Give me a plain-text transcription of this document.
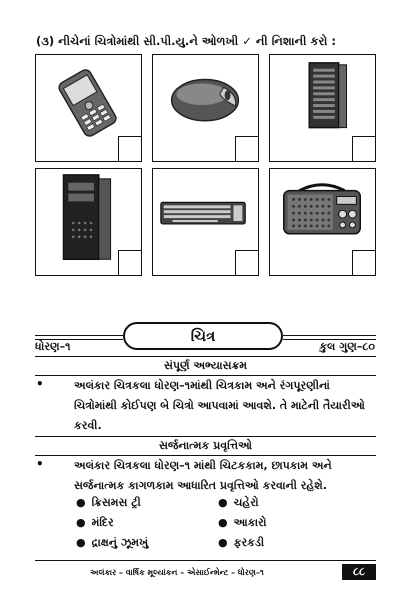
(૩) નીચેનાં ચિત્રોમાંથી સી.પી.યુ.ને ઓળખી ✓ ની નિશાની કરો :
ચિત્ર
ધોરણ–૧	કુલ ગુણ–૮૦
સંપૂર્ણ અભ્યાસક્રમ
•	અલંકાર ચિત્રકલા ધોરણ–૧માંથી ચિત્રકામ અને રંગપૂરણીનાં ચિત્રોમાંથી કોઈપણ બે ચિત્રો આપવામાં આવશે. તે માટેની તૈયારીઓ કરવી.
સર્જનાત્મક પ્રવૃત્તિઓ
•	અલંકાર ચિત્રકલા ધોરણ–૧ માંથી ચિટકકામ, છાપકામ અને સર્જનાત્મક કાગળકામ આધારિત પ્રવૃત્તિઓ કરવાની રહેશે.
● ક્રિસમસ ટ્રી	● ચહેરો
● મંદિર	● આકારો
● દ્રાક્ષનું ઝૂમખું	● ફરકડી
અલંકાર – વાર્ષિક મૂલ્યાંકન – એસાઈન્મેન્ટ – ધોરણ–૧	૮૮
